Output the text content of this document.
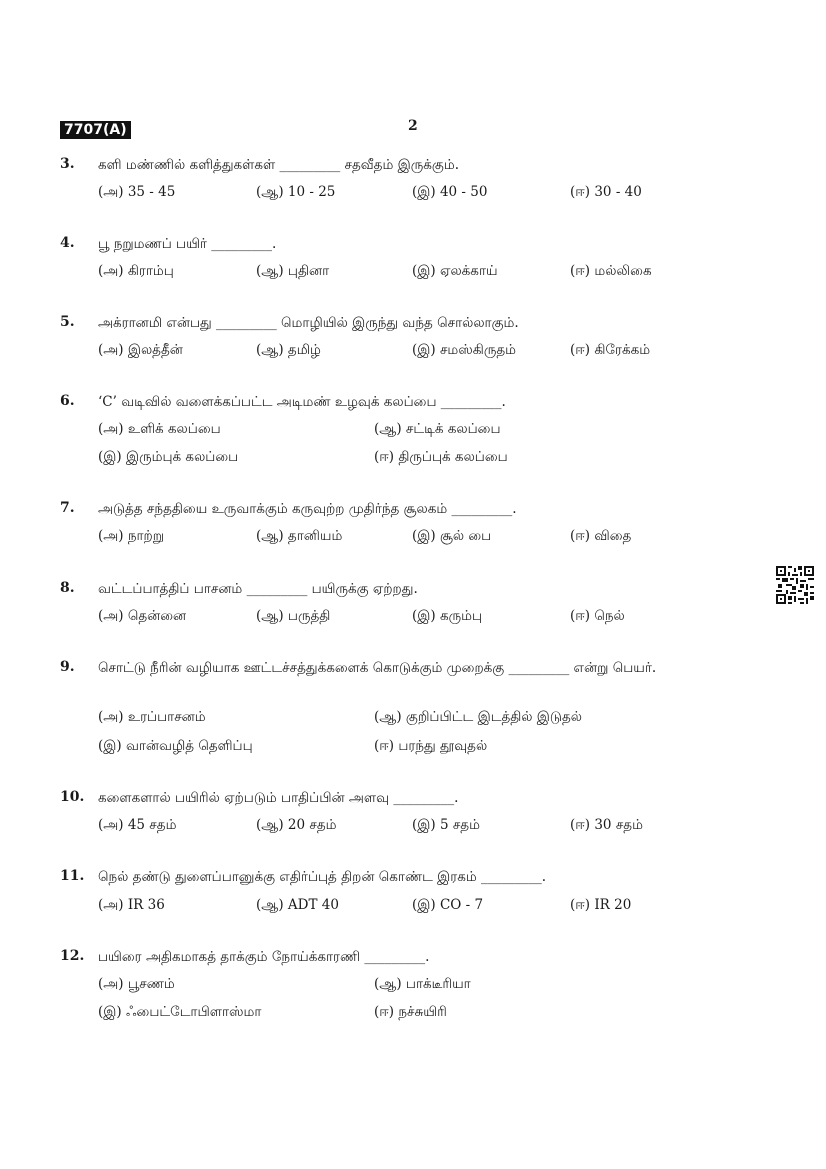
7707(A)	2
3.	களி மண்ணில் களித்துகள்கள் _________ சதவீதம் இருக்கும்.
(அ) 35 - 45	(ஆ) 10 - 25	(இ) 40 - 50	(ஈ) 30 - 40
4.	பூ நறுமணப் பயிர் _________.
(அ) கிராம்பு	(ஆ) புதினா	(இ) ஏலக்காய்	(ஈ) மல்லிகை
5.	அக்ரானமி என்பது _________ மொழியில் இருந்து வந்த சொல்லாகும்.
(அ) இலத்தீன்	(ஆ) தமிழ்	(இ) சமஸ்கிருதம்	(ஈ) கிரேக்கம்
6.	‘C’ வடிவில் வளைக்கப்பட்ட அடிமண் உழவுக் கலப்பை _________.
(அ) உளிக் கலப்பை	(ஆ) சட்டிக் கலப்பை
(இ) இரும்புக் கலப்பை	(ஈ) திருப்புக் கலப்பை
7.	அடுத்த சந்ததியை உருவாக்கும் கருவுற்ற முதிர்ந்த சூலகம் _________.
(அ) நாற்று	(ஆ) தானியம்	(இ) சூல் பை	(ஈ) விதை
8.	வட்டப்பாத்திப் பாசனம் _________ பயிருக்கு ஏற்றது.
(அ) தென்னை	(ஆ) பருத்தி	(இ) கரும்பு	(ஈ) நெல்
9.	சொட்டு நீரின் வழியாக ஊட்டச்சத்துக்களைக் கொடுக்கும் முறைக்கு _________ என்று பெயர்.
(அ) உரப்பாசனம்	(ஆ) குறிப்பிட்ட இடத்தில் இடுதல்
(இ) வான்வழித் தெளிப்பு	(ஈ) பரந்து தூவுதல்
10.	களைகளால் பயிரில் ஏற்படும் பாதிப்பின் அளவு _________.
(அ) 45 சதம்	(ஆ) 20 சதம்	(இ) 5 சதம்	(ஈ) 30 சதம்
11.	நெல் தண்டு துளைப்பானுக்கு எதிர்ப்புத் திறன் கொண்ட இரகம் _________.
(அ) IR 36	(ஆ) ADT 40	(இ) CO - 7	(ஈ) IR 20
12.	பயிரை அதிகமாகத் தாக்கும் நோய்க்காரணி _________.
(அ) பூசணம்	(ஆ) பாக்டீரியா
(இ) ஃபைட்டோபிளாஸ்மா	(ஈ) நச்சுயிரி
